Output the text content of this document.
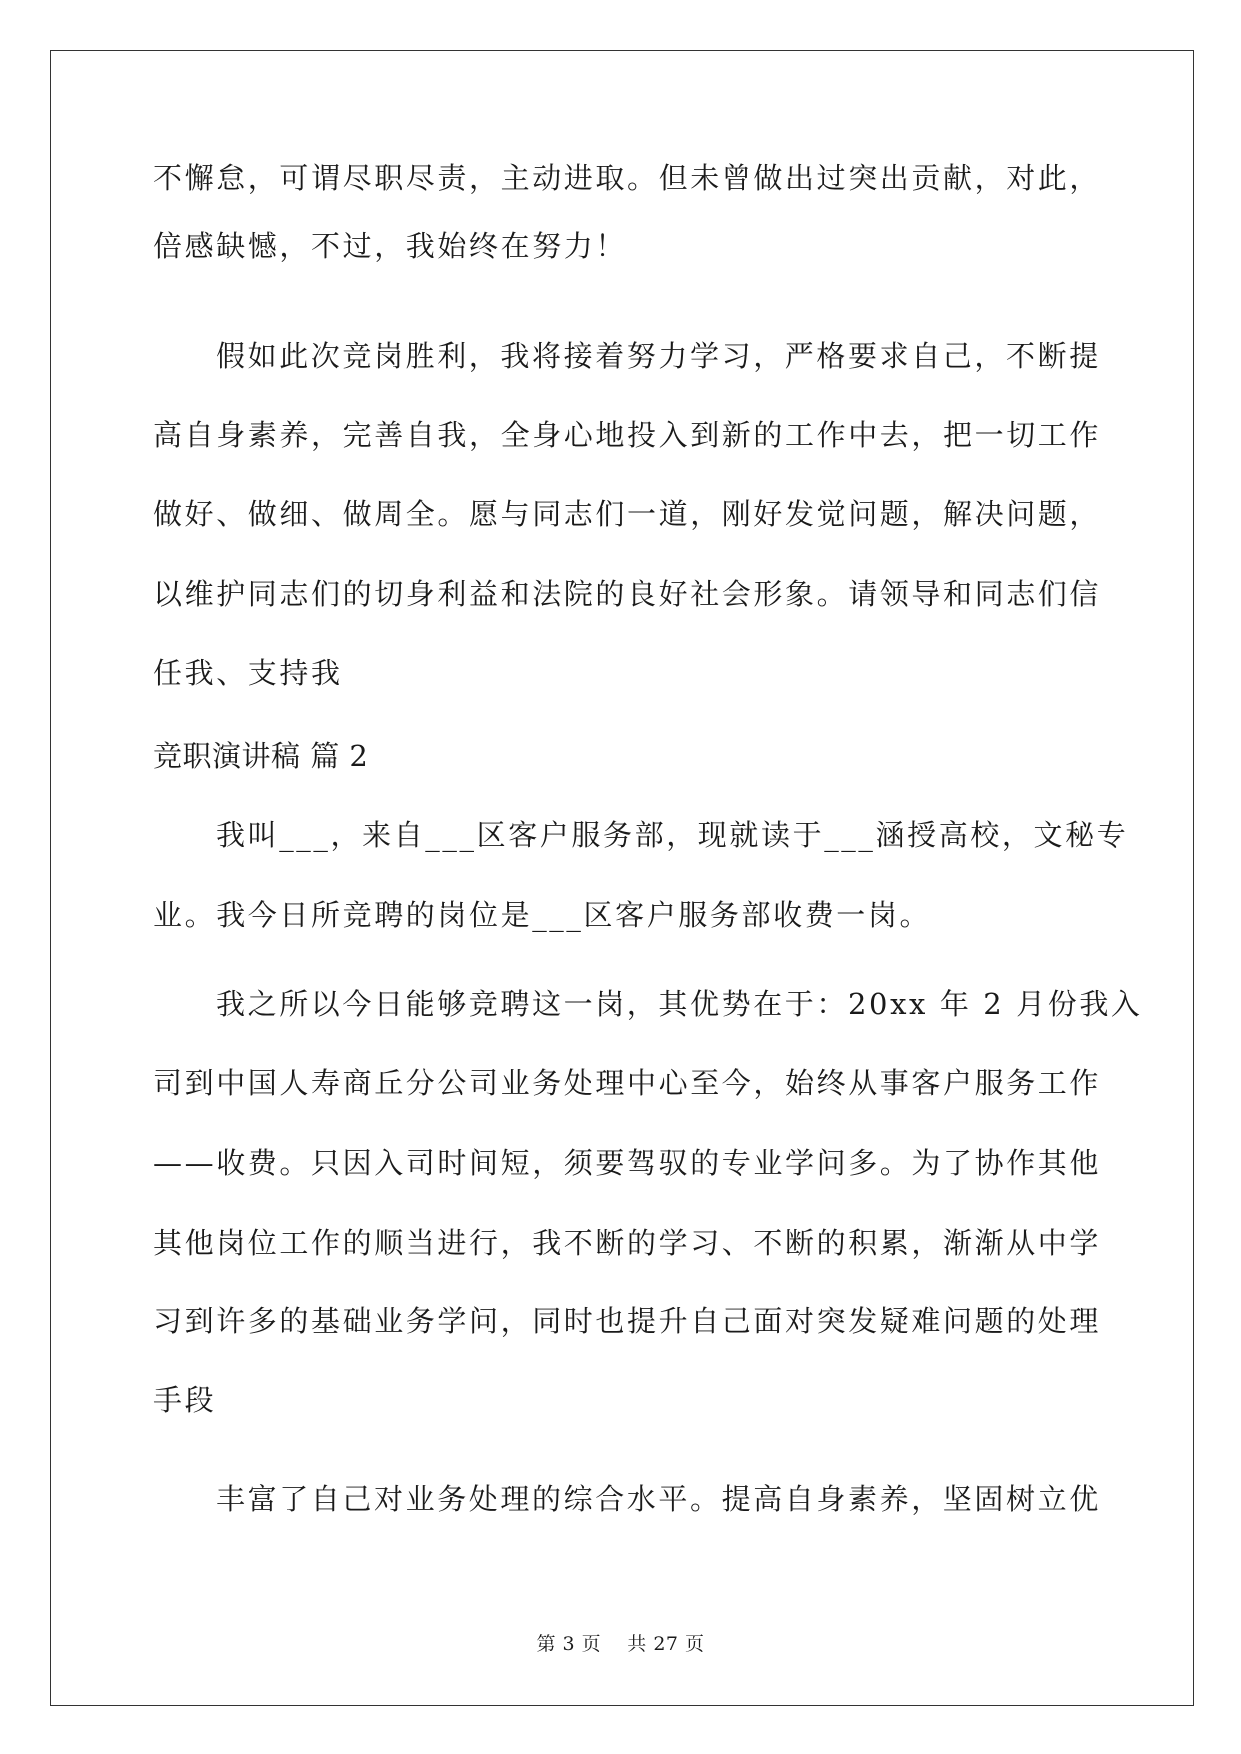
不懈怠，可谓尽职尽责，主动进取。但未曾做出过突出贡献，对此，
倍感缺憾，不过，我始终在努力！
假如此次竞岗胜利，我将接着努力学习，严格要求自己，不断提
高自身素养，完善自我，全身心地投入到新的工作中去，把一切工作
做好、做细、做周全。愿与同志们一道，刚好发觉问题，解决问题，
以维护同志们的切身利益和法院的良好社会形象。请领导和同志们信
任我、支持我
竞职演讲稿 篇 2
我叫___，来自___区客户服务部，现就读于___涵授高校，文秘专
业。我今日所竞聘的岗位是___区客户服务部收费一岗。
我之所以今日能够竞聘这一岗，其优势在于：20xx 年 2 月份我入
司到中国人寿商丘分公司业务处理中心至今，始终从事客户服务工作
——收费。只因入司时间短，须要驾驭的专业学问多。为了协作其他
其他岗位工作的顺当进行，我不断的学习、不断的积累，渐渐从中学
习到许多的基础业务学问，同时也提升自己面对突发疑难问题的处理
手段
丰富了自己对业务处理的综合水平。提高自身素养，坚固树立优
第 3 页    共 27 页
